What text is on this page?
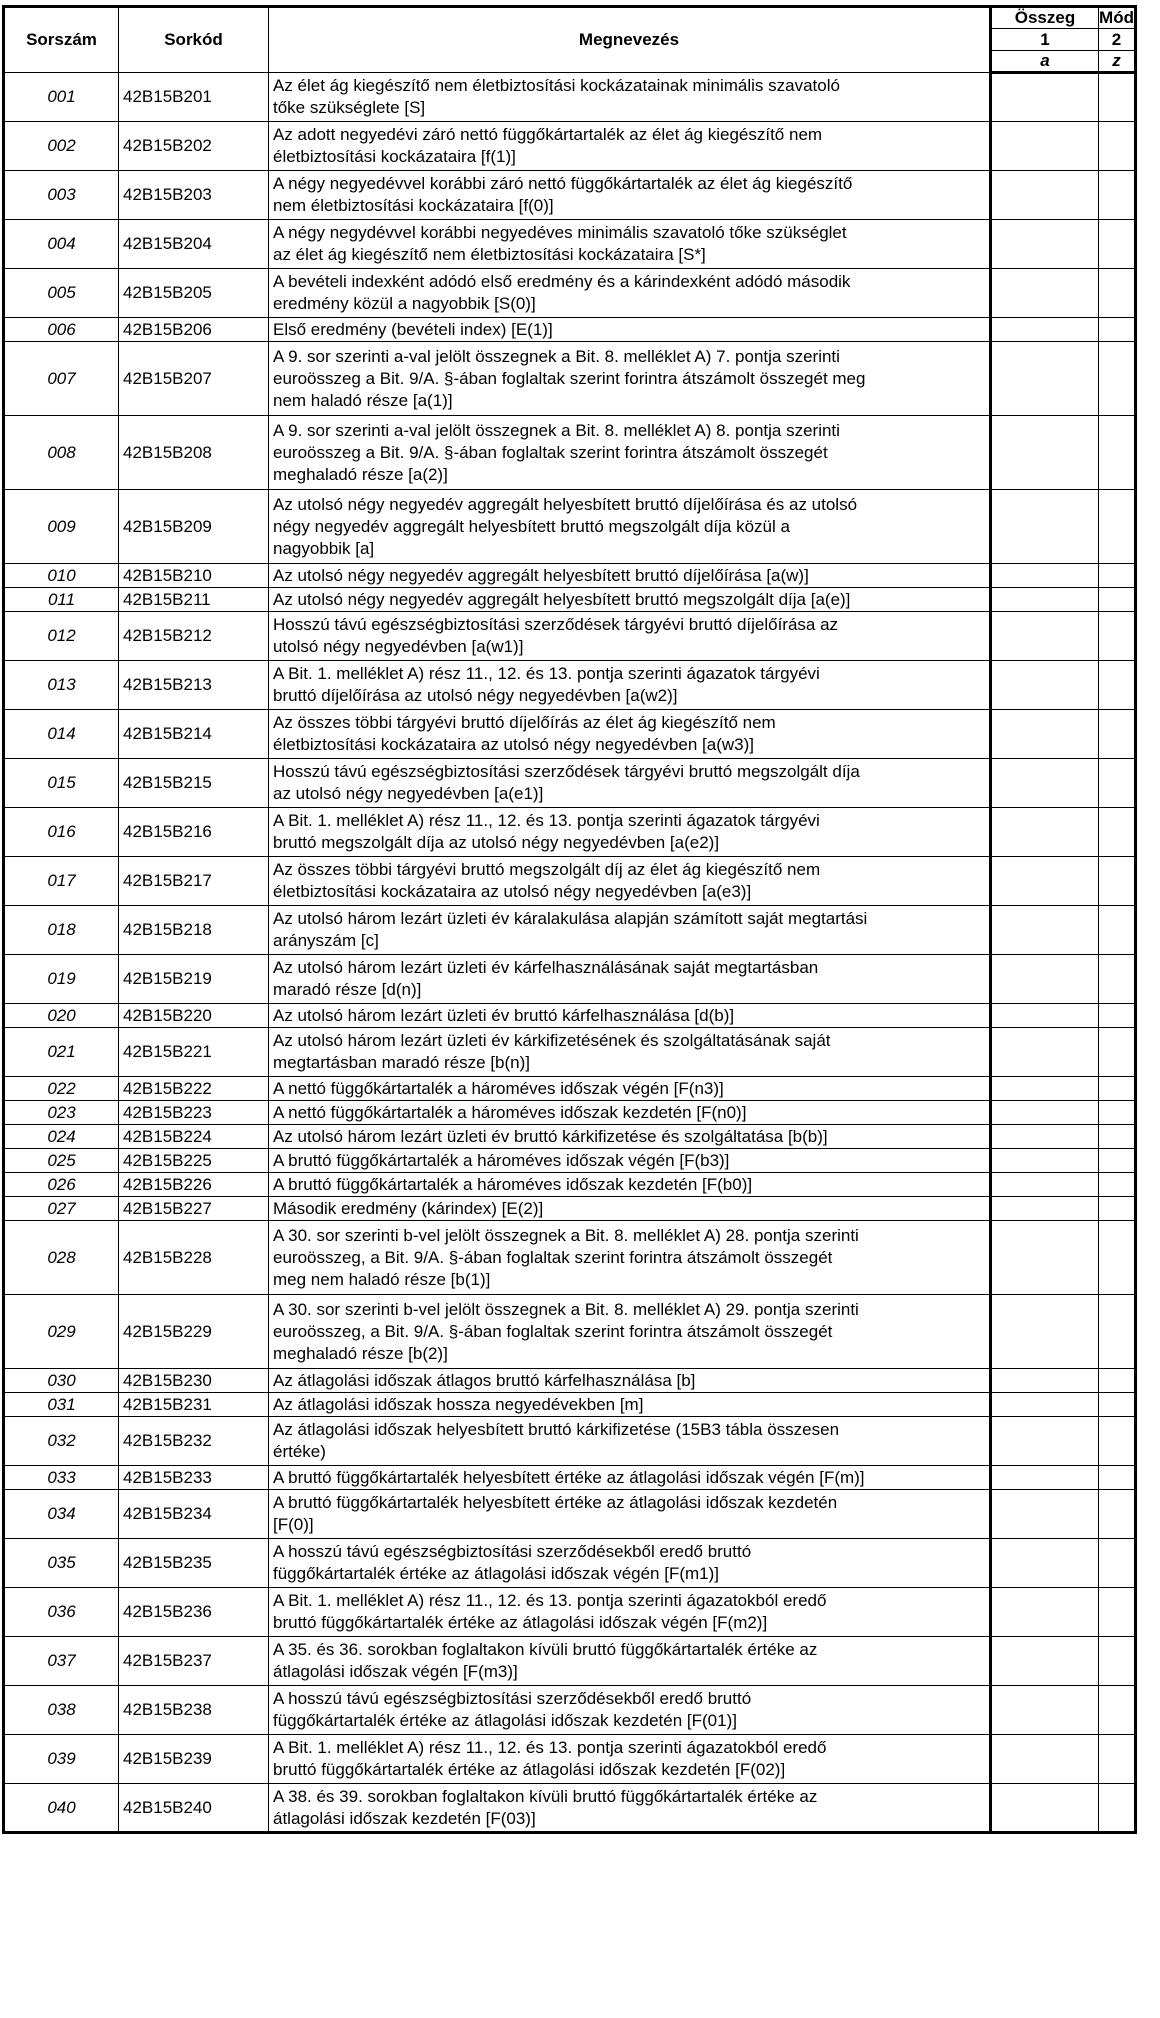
Sorszám	Sorkód	Megnevezés	Összeg	Mód
			1	2
			a	z
001	42B15B201	Az élet ág kiegészítő nem életbiztosítási kockázatainak minimális szavatoló
tőke szükséglete [S]		

002	42B15B202	Az adott negyedévi záró nettó függőkártartalék az élet ág kiegészítő nem
életbiztosítási kockázataira [f(1)]		

003	42B15B203	A négy negyedévvel korábbi záró nettó függőkártartalék az élet ág kiegészítő
nem életbiztosítási kockázataira [f(0)]		

004	42B15B204	A négy negydévvel korábbi negyedéves minimális szavatoló tőke szükséglet
az élet ág kiegészítő nem életbiztosítási kockázataira [S*]		

005	42B15B205	A bevételi indexként adódó első eredmény és a kárindexként adódó második
eredmény közül a nagyobbik [S(0)]		

006	42B15B206	Első eredmény (bevételi index) [E(1)]		

007	42B15B207	A 9. sor szerinti a-val jelölt összegnek a Bit. 8. melléklet A) 7. pontja szerinti
euroösszeg a Bit. 9/A. §-ában foglaltak szerint forintra átszámolt összegét meg
nem haladó része [a(1)]		

008	42B15B208	A 9. sor szerinti a-val jelölt összegnek a Bit. 8. melléklet A) 8. pontja szerinti
euroösszeg a Bit. 9/A. §-ában foglaltak szerint forintra átszámolt összegét
meghaladó része [a(2)]		

009	42B15B209	Az utolsó négy negyedév aggregált helyesbített bruttó díjelőírása és az utolsó
négy negyedév aggregált helyesbített bruttó megszolgált díja közül a
nagyobbik [a]		

010	42B15B210	Az utolsó négy negyedév aggregált helyesbített bruttó díjelőírása [a(w)]		

011	42B15B211	Az utolsó négy negyedév aggregált helyesbített bruttó megszolgált díja [a(e)]		

012	42B15B212	Hosszú távú egészségbiztosítási szerződések tárgyévi bruttó díjelőírása az
utolsó négy negyedévben [a(w1)]		

013	42B15B213	A Bit. 1. melléklet A) rész 11., 12. és 13. pontja szerinti ágazatok tárgyévi
bruttó díjelőírása az utolsó négy negyedévben [a(w2)]		

014	42B15B214	Az összes többi tárgyévi bruttó díjelőírás az élet ág kiegészítő nem
életbiztosítási kockázataira az utolsó négy negyedévben [a(w3)]		

015	42B15B215	Hosszú távú egészségbiztosítási szerződések tárgyévi bruttó megszolgált díja
az utolsó négy negyedévben [a(e1)]		

016	42B15B216	A Bit. 1. melléklet A) rész 11., 12. és 13. pontja szerinti ágazatok tárgyévi
bruttó megszolgált díja az utolsó négy negyedévben [a(e2)]		

017	42B15B217	Az összes többi tárgyévi bruttó megszolgált díj az élet ág kiegészítő nem
életbiztosítási kockázataira az utolsó négy negyedévben [a(e3)]		

018	42B15B218	Az utolsó három lezárt üzleti év káralakulása alapján számított saját megtartási
arányszám [c]		

019	42B15B219	Az utolsó három lezárt üzleti év kárfelhasználásának saját megtartásban
maradó része [d(n)]		

020	42B15B220	Az utolsó három lezárt üzleti év bruttó kárfelhasználása [d(b)]		

021	42B15B221	Az utolsó három lezárt üzleti év kárkifizetésének és szolgáltatásának saját
megtartásban maradó része [b(n)]		

022	42B15B222	A nettó függőkártartalék a hároméves időszak végén [F(n3)]		

023	42B15B223	A nettó függőkártartalék a hároméves időszak kezdetén [F(n0)]		

024	42B15B224	Az utolsó három lezárt üzleti év bruttó kárkifizetése és szolgáltatása [b(b)]		

025	42B15B225	A bruttó függőkártartalék a hároméves időszak végén [F(b3)]		

026	42B15B226	A bruttó függőkártartalék a hároméves időszak kezdetén [F(b0)]		

027	42B15B227	Második eredmény (kárindex) [E(2)]		

028	42B15B228	A 30. sor szerinti b-vel jelölt összegnek a Bit. 8. melléklet A) 28. pontja szerinti
euroösszeg, a Bit. 9/A. §-ában foglaltak szerint forintra átszámolt összegét
meg nem haladó része [b(1)]		

029	42B15B229	A 30. sor szerinti b-vel jelölt összegnek a Bit. 8. melléklet A) 29. pontja szerinti
euroösszeg, a Bit. 9/A. §-ában foglaltak szerint forintra átszámolt összegét
meghaladó része [b(2)]		

030	42B15B230	Az átlagolási időszak átlagos bruttó kárfelhasználása [b]		

031	42B15B231	Az átlagolási időszak hossza negyedévekben [m]		

032	42B15B232	Az átlagolási időszak helyesbített bruttó kárkifizetése (15B3 tábla összesen
értéke)		

033	42B15B233	A bruttó függőkártartalék helyesbített értéke az átlagolási időszak végén [F(m)]		

034	42B15B234	A bruttó függőkártartalék helyesbített értéke az átlagolási időszak kezdetén
[F(0)]		

035	42B15B235	A hosszú távú egészségbiztosítási szerződésekből eredő bruttó
függőkártartalék értéke az átlagolási időszak végén [F(m1)]		

036	42B15B236	A Bit. 1. melléklet A) rész 11., 12. és 13. pontja szerinti ágazatokból eredő
bruttó függőkártartalék értéke az átlagolási időszak végén [F(m2)]		

037	42B15B237	A 35. és 36. sorokban foglaltakon kívüli bruttó függőkártartalék értéke az
átlagolási időszak végén [F(m3)]		

038	42B15B238	A hosszú távú egészségbiztosítási szerződésekből eredő bruttó
függőkártartalék értéke az átlagolási időszak kezdetén [F(01)]		

039	42B15B239	A Bit. 1. melléklet A) rész 11., 12. és 13. pontja szerinti ágazatokból eredő
bruttó függőkártartalék értéke az átlagolási időszak kezdetén [F(02)]		

040	42B15B240	A 38. és 39. sorokban foglaltakon kívüli bruttó függőkártartalék értéke az
átlagolási időszak kezdetén [F(03)]		
